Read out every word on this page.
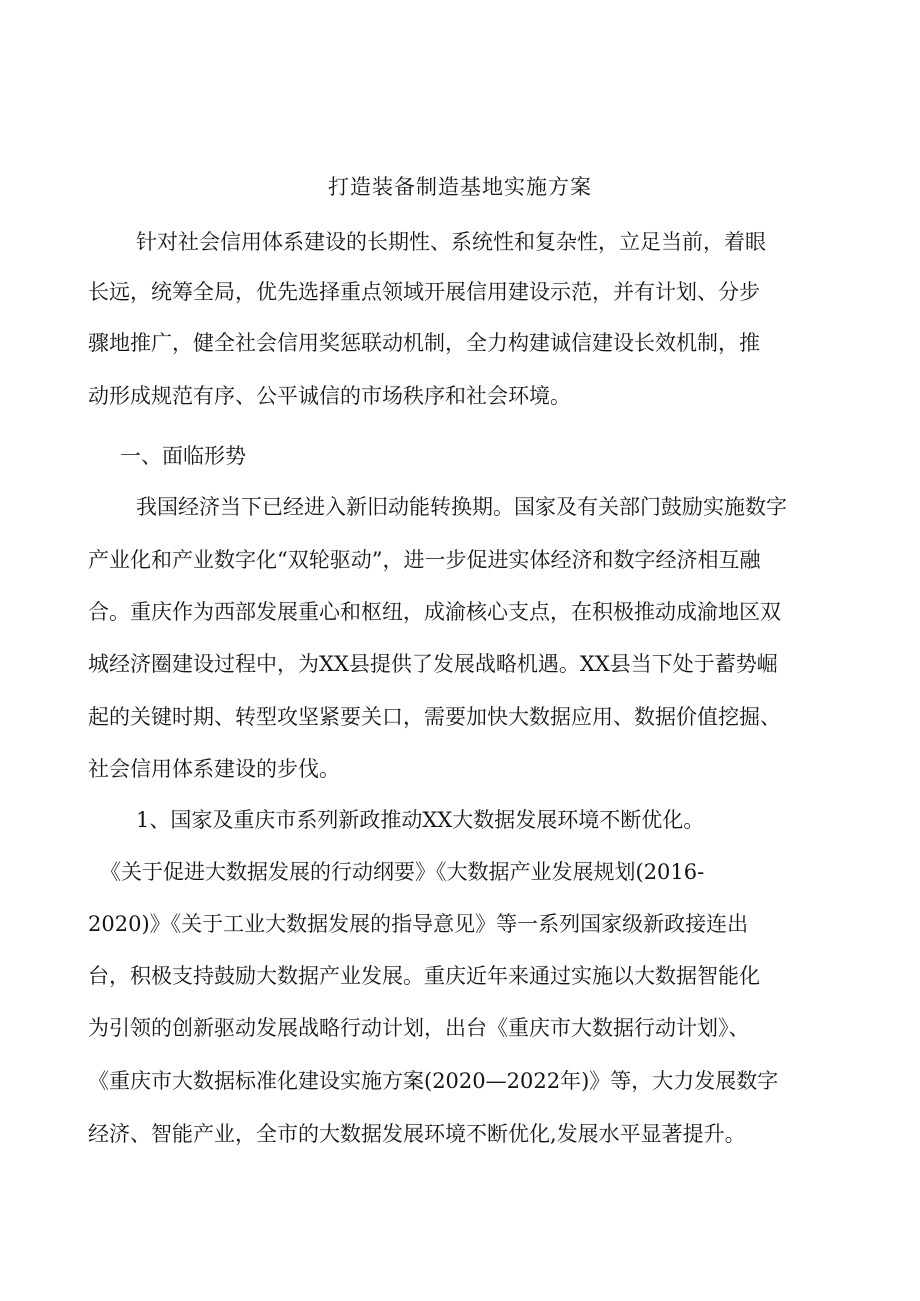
打造装备制造基地实施方案
针对社会信用体系建设的长期性、系统性和复杂性，立足当前，着眼
长远，统筹全局，优先选择重点领域开展信用建设示范，并有计划、分步
骤地推广，健全社会信用奖惩联动机制，全力构建诚信建设长效机制，推
动形成规范有序、公平诚信的市场秩序和社会环境。
一、面临形势
我国经济当下已经进入新旧动能转换期。国家及有关部门鼓励实施数字
产业化和产业数字化“双轮驱动”，进一步促进实体经济和数字经济相互融
合。重庆作为西部发展重心和枢纽，成渝核心支点，在积极推动成渝地区双
城经济圈建设过程中，为XX县提供了发展战略机遇。XX县当下处于蓄势崛
起的关键时期、转型攻坚紧要关口，需要加快大数据应用、数据价值挖掘、
社会信用体系建设的步伐。
1、国家及重庆市系列新政推动XX大数据发展环境不断优化。
《关于促进大数据发展的行动纲要》《大数据产业发展规划(2016-
2020)》《关于工业大数据发展的指导意见》等一系列国家级新政接连出
台，积极支持鼓励大数据产业发展。重庆近年来通过实施以大数据智能化
为引领的创新驱动发展战略行动计划，出台《重庆市大数据行动计划》、
《重庆市大数据标准化建设实施方案(2020—2022年)》等，大力发展数字
经济、智能产业，全市的大数据发展环境不断优化,发展水平显著提升。
